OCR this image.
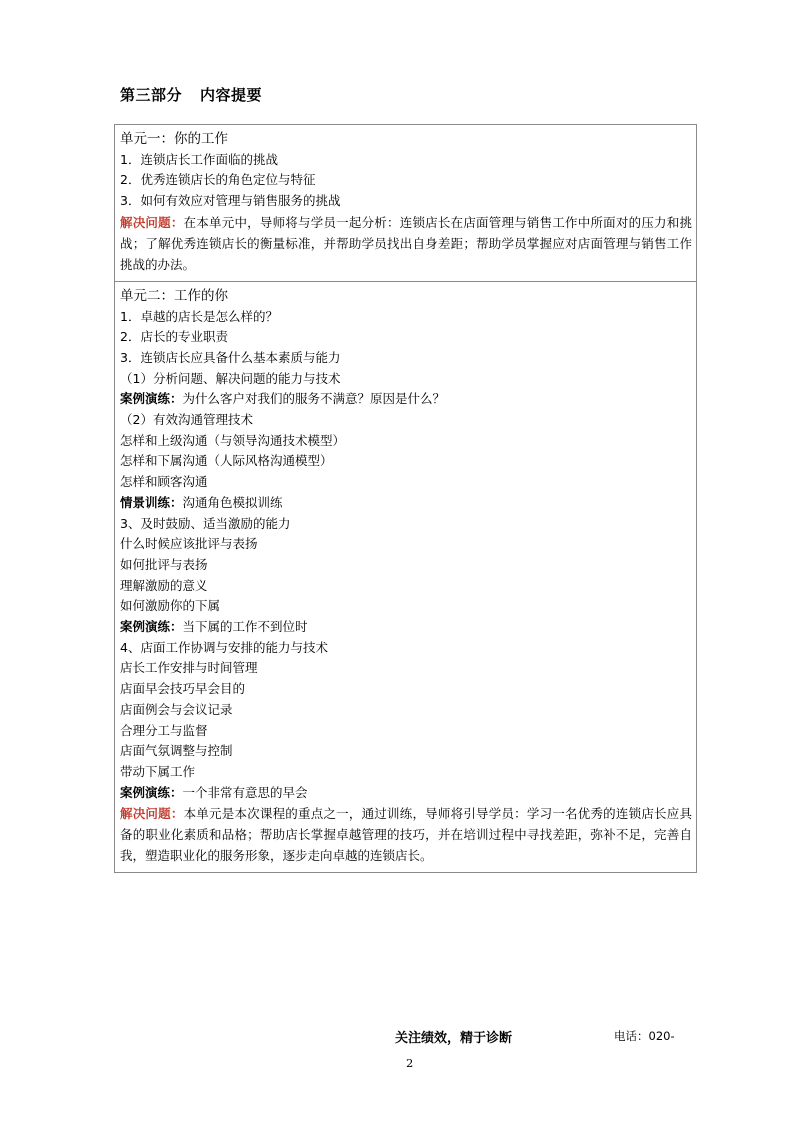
第三部分 内容提要
单元一：你的工作
1．连锁店长工作面临的挑战
2．优秀连锁店长的角色定位与特征
3．如何有效应对管理与销售服务的挑战
解决问题：在本单元中，导师将与学员一起分析：连锁店长在店面管理与销售工作中所面对的压力和挑战；了解优秀连锁店长的衡量标准，并帮助学员找出自身差距；帮助学员掌握应对店面管理与销售工作挑战的办法。

单元二：工作的你
1．卓越的店长是怎么样的？
2．店长的专业职责
3．连锁店长应具备什么基本素质与能力
（1）分析问题、解决问题的能力与技术
案例演练：为什么客户对我们的服务不满意？原因是什么？
（2）有效沟通管理技术
怎样和上级沟通（与领导沟通技术模型）
怎样和下属沟通（人际风格沟通模型）
怎样和顾客沟通
情景训练：沟通角色模拟训练
3、及时鼓励、适当激励的能力
什么时候应该批评与表扬
如何批评与表扬
理解激励的意义
如何激励你的下属
案例演练：当下属的工作不到位时
4、店面工作协调与安排的能力与技术
店长工作安排与时间管理
店面早会技巧早会目的
店面例会与会议记录
合理分工与监督
店面气氛调整与控制
带动下属工作
案例演练：一个非常有意思的早会
解决问题：本单元是本次课程的重点之一，通过训练，导师将引导学员：学习一名优秀的连锁店长应具备的职业化素质和品格；帮助店长掌握卓越管理的技巧，并在培训过程中寻找差距，弥补不足，完善自我，塑造职业化的服务形象，逐步走向卓越的连锁店长。
关注绩效，精于诊断	电话：020-
2
